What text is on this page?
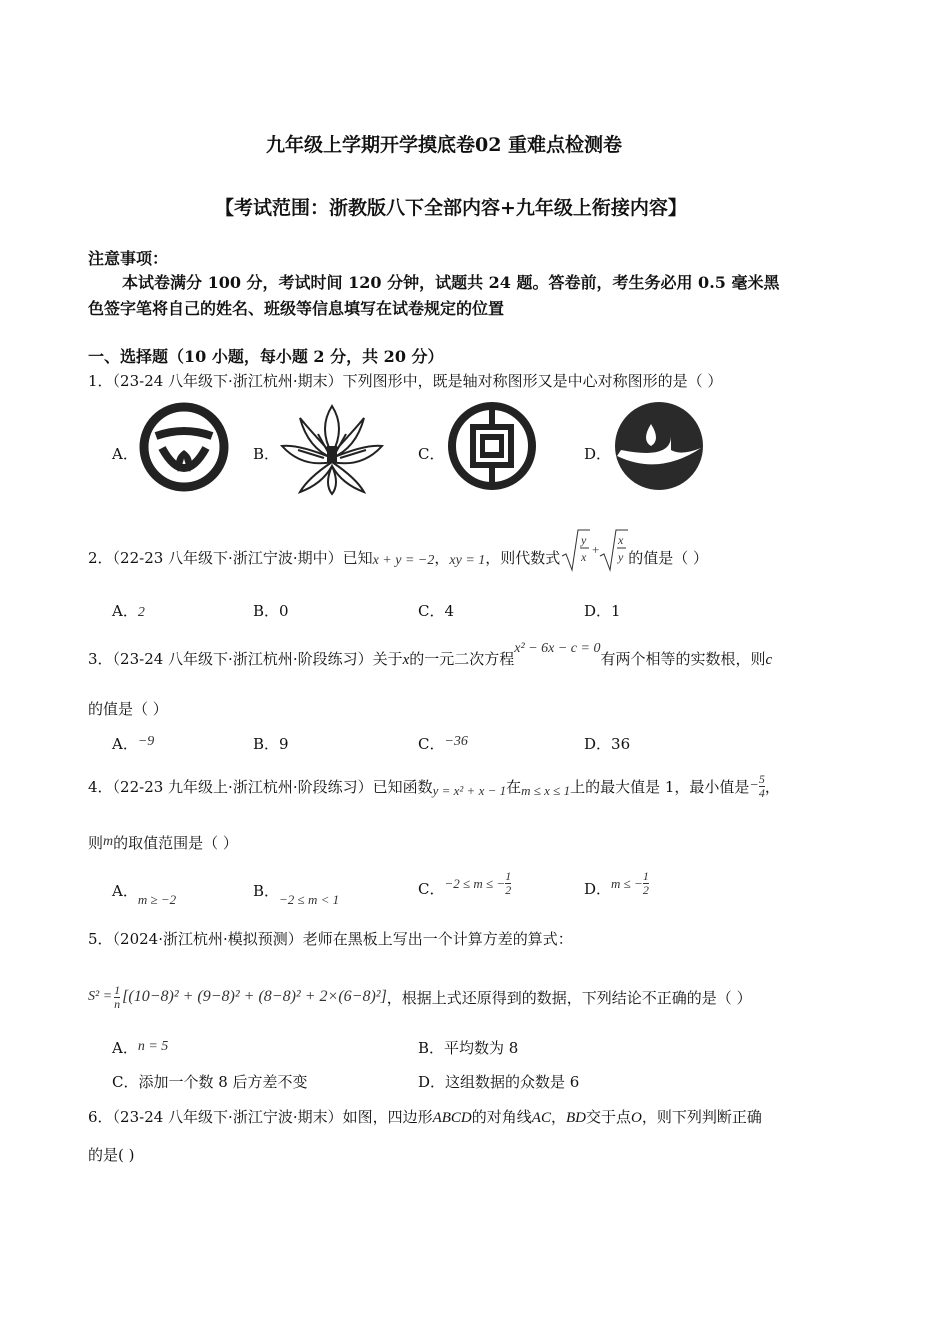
九年级上学期开学摸底卷02 重难点检测卷
【考试范围：浙教版八下全部内容+九年级上衔接内容】
注意事项：
本试卷满分 100 分，考试时间 120 分钟，试题共 24 题。答卷前，考生务必用 0.5 毫米黑
色签字笔将自己的姓名、班级等信息填写在试卷规定的位置
一、选择题（10 小题，每小题 2 分，共 20 分）
1．（23-24 八年级下·浙江杭州·期末）下列图形中，既是轴对称图形又是中心对称图形的是（ ）
A．	B．	C．	D．
2．（22-23 八年级下·浙江宁波·期中）已知 x + y = −2 ， xy = 1 ，则代数式
y
x +
x
y 的值是（ ）
A．2	B．0	C．4	D．1
3．（23-24 八年级下·浙江杭州·阶段练习）关于x的一元二次方程x² − 6x − c = 0有两个相等的实数根，则c
的值是（ ）
A．−9	B．9	C．−36	D．36
4．（22-23 九年级上·浙江杭州·阶段练习）已知函数 y = x² + x − 1 在 m ≤ x ≤ 1 上的最大值是 1，最小值是 − $\frac{5}{4}$ ，
则m的取值范围是（ ）
A．m ≥ −2	B．−2 ≤ m < 1
C． −2 ≤ m ≤ − $\frac{1}{2}$	D． m ≤ − $\frac{1}{2}$
5．（2024·浙江杭州·模拟预测）老师在黑板上写出一个计算方差的算式：
$S^2 = \frac{1}{n} [(10-8)^2 + (9-8)^2 + (8-8)^2 + 2\times(6-8)^2]$ ，根据上式还原得到的数据，下列结论不正确的是（ ）
A．n = 5	B．平均数为 8
C．添加一个数 8 后方差不变	D．这组数据的众数是 6
6．（23-24 八年级下·浙江宁波·期末）如图，四边形ABCD的对角线AC，BD交于点O，则下列判断正确
的是( )
